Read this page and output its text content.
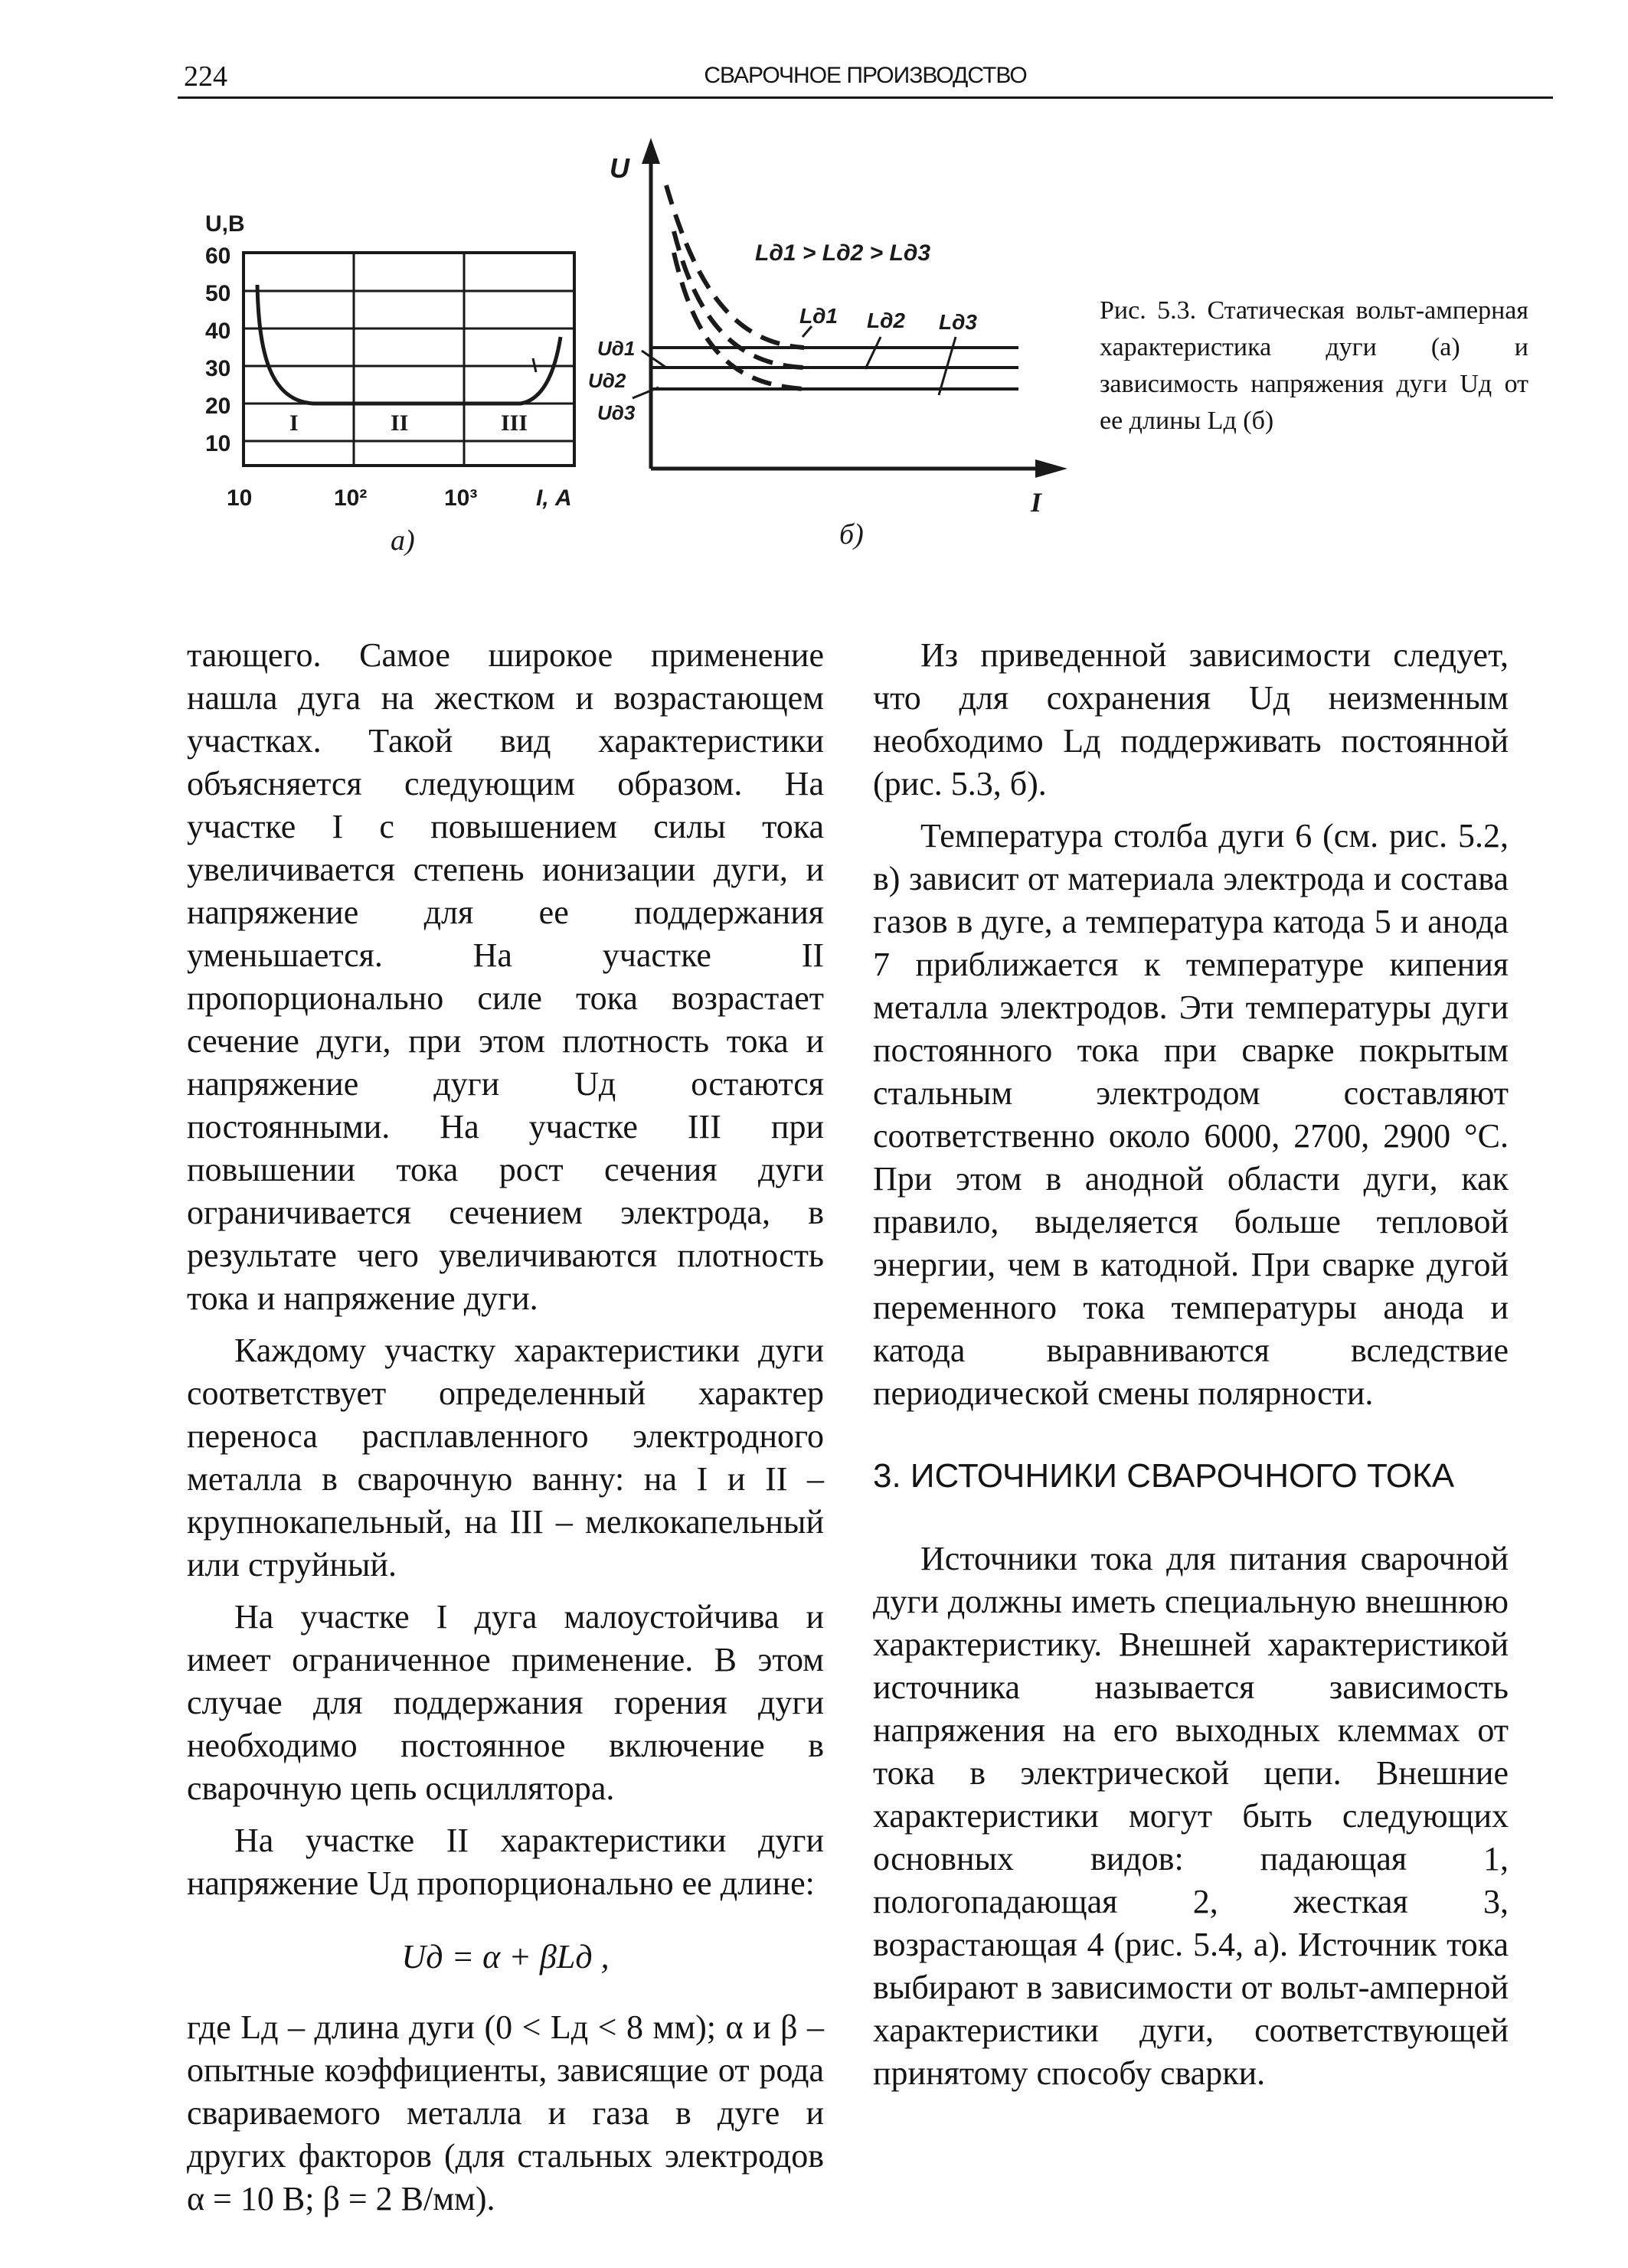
224	СВАРОЧНОЕ ПРОИЗВОДСТВО
U,В
60
50
40
30
20
10
10	10²	10³	I, А
I	II	III
а)
U
I
Lд1 > Lд2 > Lд3
Lд1 Lд2 Lд3
Uд1
Uд2
Uд3
б)
Рис. 5.3. Статическая вольт-амперная характеристика дуги (а) и зависимость напряжения дуги Uд от ее длины Lд (б)

тающего. Самое широкое применение нашла дуга на жестком и возрастающем участках. Такой вид характеристики объясняется следующим образом. На участке I с повышением силы тока увеличивается степень ионизации дуги, и напряжение для ее поддержания уменьшается. На участке II пропорционально силе тока возрастает сечение дуги, при этом плотность тока и напряжение дуги Uд остаются постоянными. На участке III при повышении тока рост сечения дуги ограничивается сечением электрода, в результате чего увеличиваются плотность тока и напряжение дуги.

Каждому участку характеристики дуги соответствует определенный характер переноса расплавленного электродного металла в сварочную ванну: на I и II – крупнокапельный, на III – мелкокапельный или струйный.

На участке I дуга малоустойчива и имеет ограниченное применение. В этом случае для поддержания горения дуги необходимо постоянное включение в сварочную цепь осциллятора.

На участке II характеристики дуги напряжение Uд пропорционально ее длине:

Uд = α + βLд ,

где Lд – длина дуги (0 < Lд < 8 мм); α и β – опытные коэффициенты, зависящие от рода свариваемого металла и газа в дуге и других факторов (для стальных электродов α = 10 В; β = 2 В/мм).

Из приведенной зависимости следует, что для сохранения Uд неизменным необходимо Lд поддерживать постоянной (рис. 5.3, б).

Температура столба дуги 6 (см. рис. 5.2, в) зависит от материала электрода и состава газов в дуге, а температура катода 5 и анода 7 приближается к температуре кипения металла электродов. Эти температуры дуги постоянного тока при сварке покрытым стальным электродом составляют соответственно около 6000, 2700, 2900 °С. При этом в анодной области дуги, как правило, выделяется больше тепловой энергии, чем в катодной. При сварке дугой переменного тока температуры анода и катода выравниваются вследствие периодической смены полярности.

3. ИСТОЧНИКИ СВАРОЧНОГО ТОКА

Источники тока для питания сварочной дуги должны иметь специальную внешнюю характеристику. Внешней характеристикой источника называется зависимость напряжения на его выходных клеммах от тока в электрической цепи. Внешние характеристики могут быть следующих основных видов: падающая 1, пологопадающая 2, жесткая 3, возрастающая 4 (рис. 5.4, а). Источник тока выбирают в зависимости от вольт-амперной характеристики дуги, соответствующей принятому способу сварки.
